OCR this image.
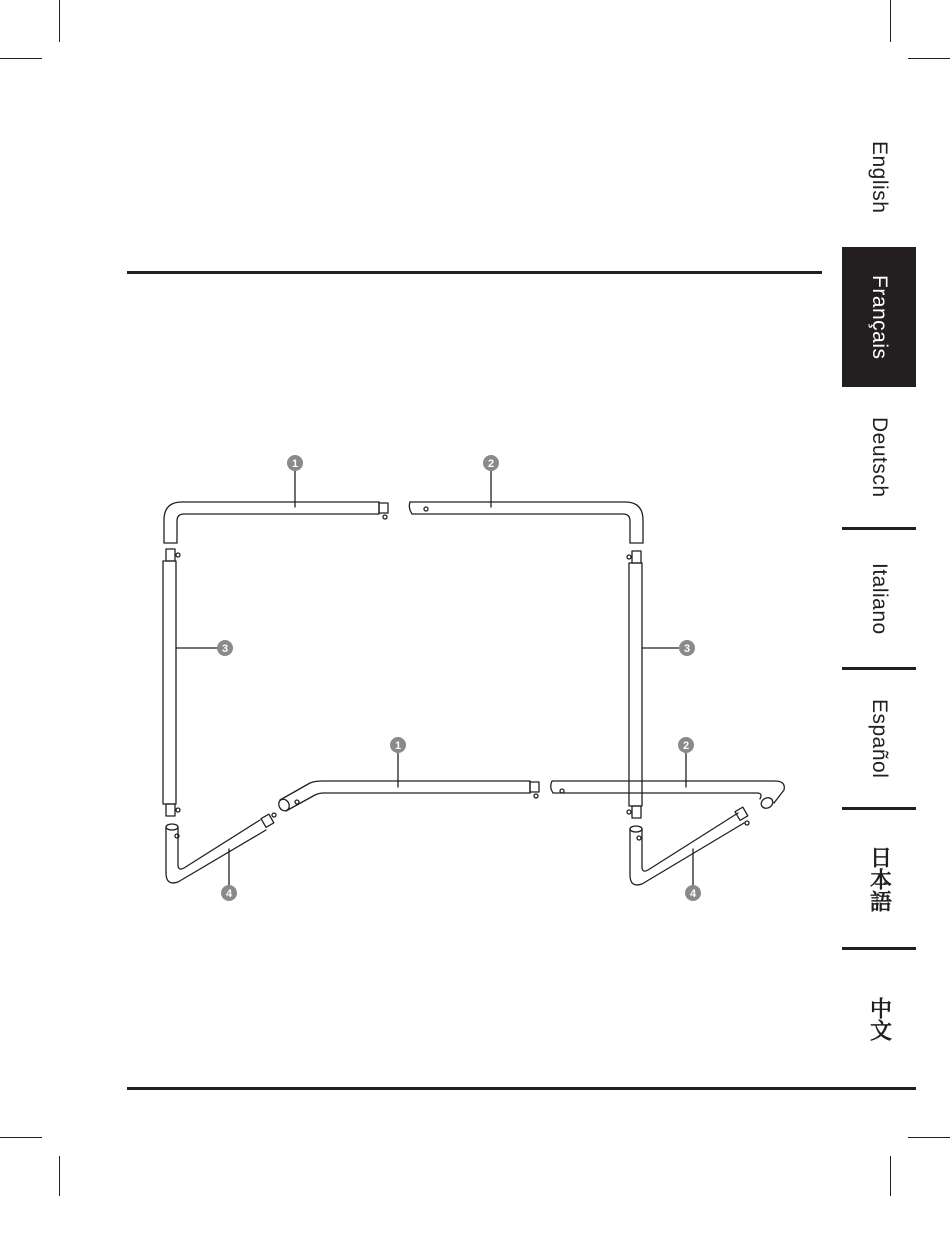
English
Français
Deutsch
Italiano
Español
日本語
中文
1	2
3	3
1	2
4	4
